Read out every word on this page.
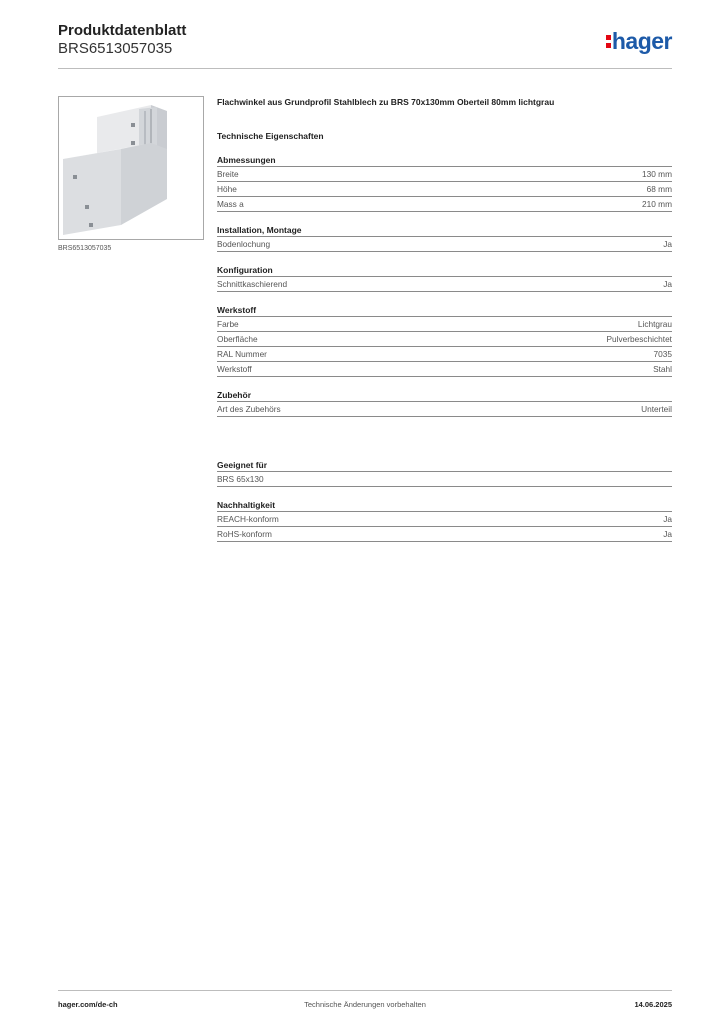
Produktdatenblatt
BRS6513057035	hager
BRS6513057035

Flachwinkel aus Grundprofil Stahlblech zu BRS 70x130mm Oberteil 80mm lichtgrau

Technische Eigenschaften
Abmessungen
Breite	130 mm
Höhe	68 mm
Mass a	210 mm
Installation, Montage
Bodenlochung	Ja
Konfiguration
Schnittkaschierend	Ja
Werkstoff
Farbe	Lichtgrau
Oberfläche	Pulverbeschichtet
RAL Nummer	7035
Werkstoff	Stahl
Zubehör
Art des Zubehörs	Unterteil
Geeignet für
BRS 65x130
Nachhaltigkeit
REACH-konform	Ja
RoHS-konform	Ja
hager.com/de-ch	Technische Änderungen vorbehalten	14.06.2025
